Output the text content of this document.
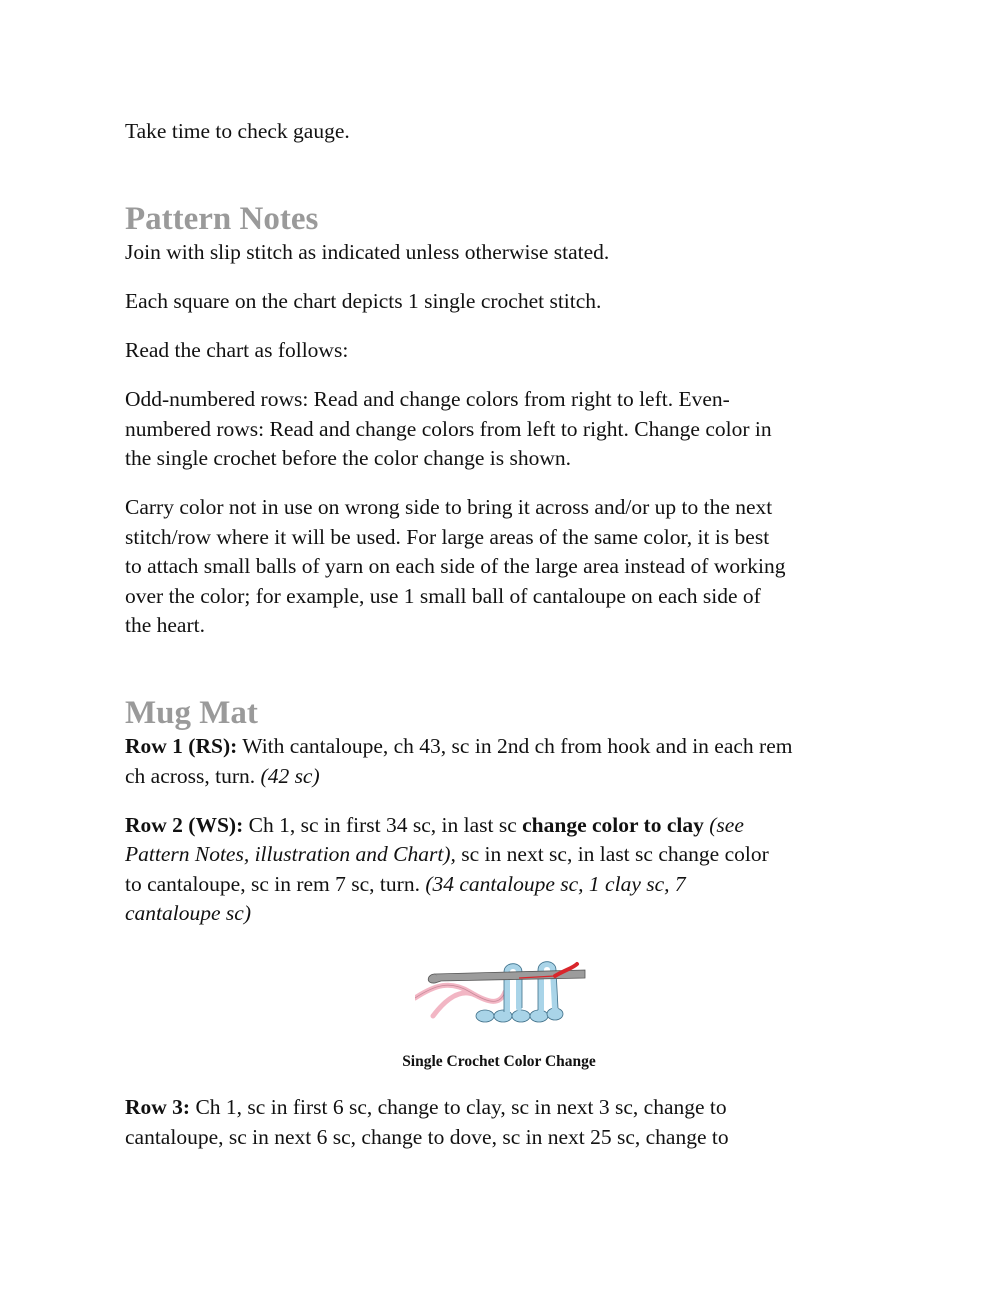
Take time to check gauge.

Pattern Notes

Join with slip stitch as indicated unless otherwise stated.

Each square on the chart depicts 1 single crochet stitch.

Read the chart as follows:

Odd-numbered rows: Read and change colors from right to left. Even-
numbered rows: Read and change colors from left to right. Change color in
the single crochet before the color change is shown.

Carry color not in use on wrong side to bring it across and/or up to the next
stitch/row where it will be used. For large areas of the same color, it is best
to attach small balls of yarn on each side of the large area instead of working
over the color; for example, use 1 small ball of cantaloupe on each side of
the heart.

Mug Mat

Row 1 (RS): With cantaloupe, ch 43, sc in 2nd ch from hook and in each rem
ch across, turn. (42 sc)

Row 2 (WS): Ch 1, sc in first 34 sc, in last sc change color to clay (see
Pattern Notes, illustration and Chart), sc in next sc, in last sc change color
to cantaloupe, sc in rem 7 sc, turn. (34 cantaloupe sc, 1 clay sc, 7
cantaloupe sc)

Single Crochet Color Change

Row 3: Ch 1, sc in first 6 sc, change to clay, sc in next 3 sc, change to
cantaloupe, sc in next 6 sc, change to dove, sc in next 25 sc, change to
